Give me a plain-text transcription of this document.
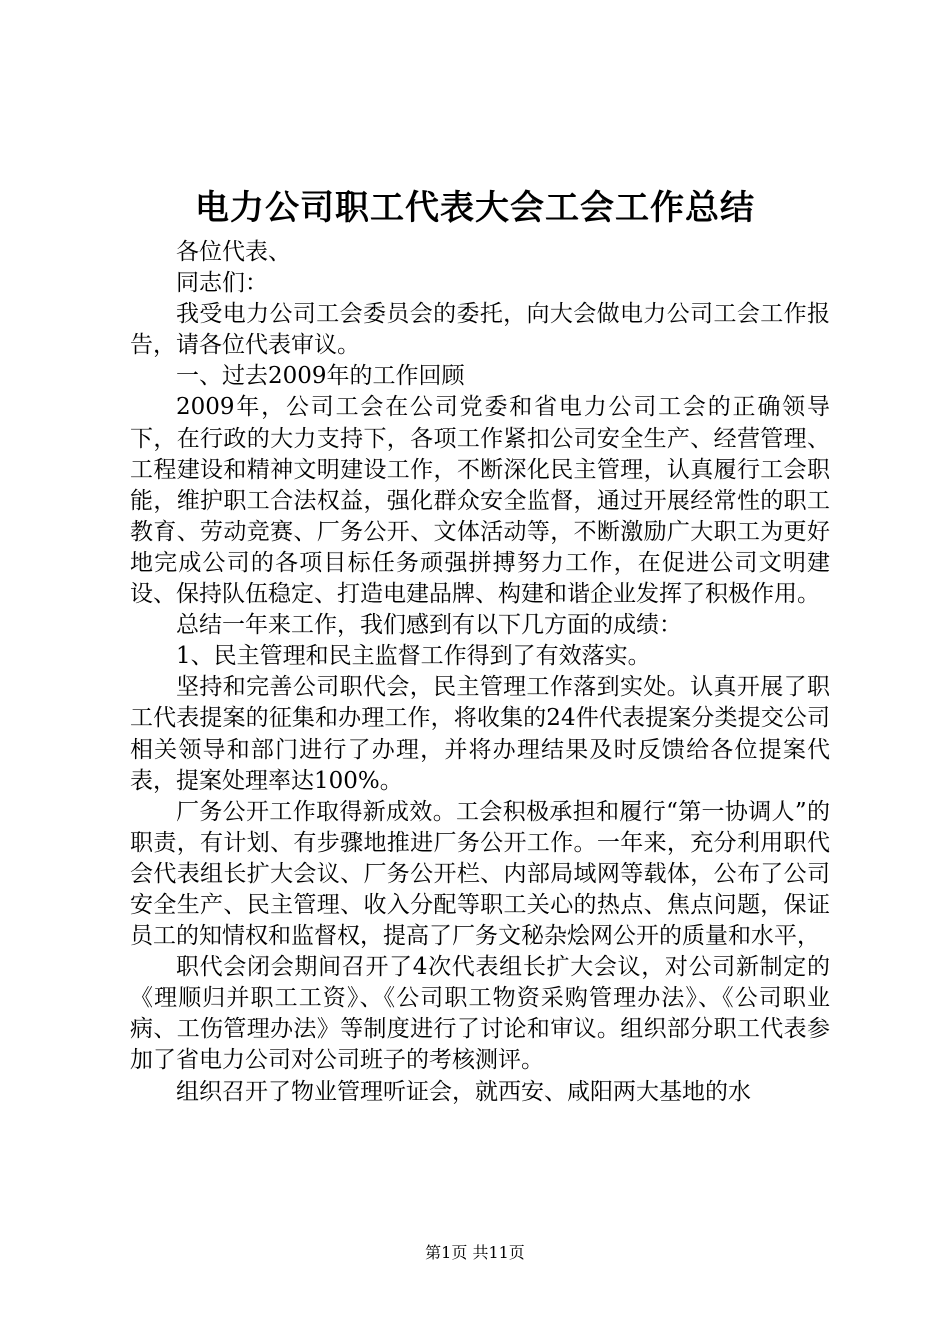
电力公司职工代表大会工会工作总结

各位代表、

同志们：

我受电力公司工会委员会的委托，向大会做电力公司工会工作报告，请各位代表审议。

一、过去2009年的工作回顾

2009年，公司工会在公司党委和省电力公司工会的正确领导下，在行政的大力支持下，各项工作紧扣公司安全生产、经营管理、工程建设和精神文明建设工作，不断深化民主管理，认真履行工会职能，维护职工合法权益，强化群众安全监督，通过开展经常性的职工教育、劳动竞赛、厂务公开、文体活动等，不断激励广大职工为更好地完成公司的各项目标任务顽强拼搏努力工作，在促进公司文明建设、保持队伍稳定、打造电建品牌、构建和谐企业发挥了积极作用。

总结一年来工作，我们感到有以下几方面的成绩：

1、民主管理和民主监督工作得到了有效落实。

坚持和完善公司职代会，民主管理工作落到实处。认真开展了职工代表提案的征集和办理工作，将收集的24件代表提案分类提交公司相关领导和部门进行了办理，并将办理结果及时反馈给各位提案代表，提案处理率达100%。

厂务公开工作取得新成效。工会积极承担和履行“第一协调人”的职责，有计划、有步骤地推进厂务公开工作。一年来，充分利用职代会代表组长扩大会议、厂务公开栏、内部局域网等载体，公布了公司安全生产、民主管理、收入分配等职工关心的热点、焦点问题，保证员工的知情权和监督权，提高了厂务文秘杂烩网公开的质量和水平，

职代会闭会期间召开了4次代表组长扩大会议，对公司新制定的《理顺归并职工工资》、《公司职工物资采购管理办法》、《公司职业病、工伤管理办法》等制度进行了讨论和审议。组织部分职工代表参加了省电力公司对公司班子的考核测评。

组织召开了物业管理听证会，就西安、咸阳两大基地的水

第1页 共11页
